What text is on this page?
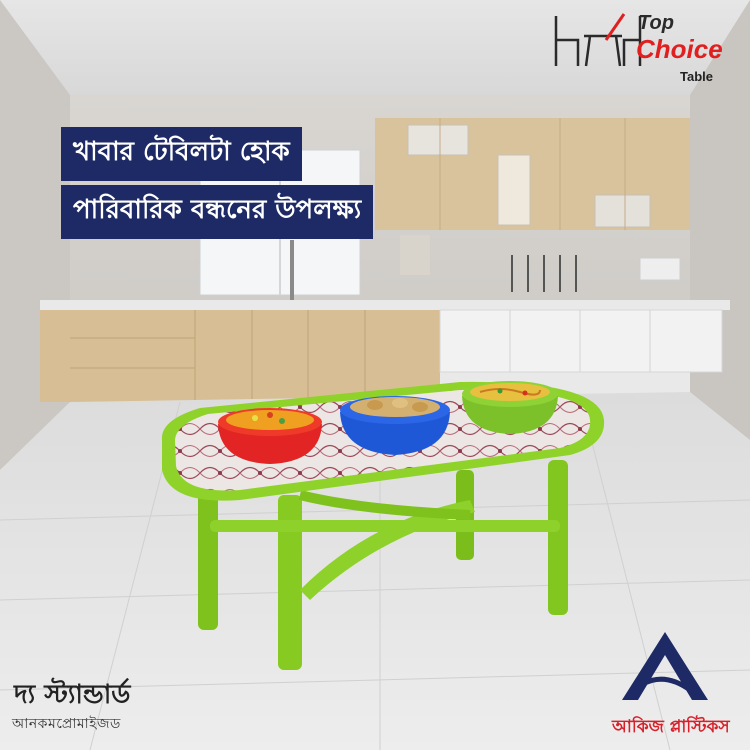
খাবার টেবিলটা হোক
পারিবারিক বন্ধনের উপলক্ষ্য
Top
Choice
Table
দ্য স্ট্যান্ডার্ড
আনকমপ্রোমাইজড	আকিজ প্লাস্টিকস
